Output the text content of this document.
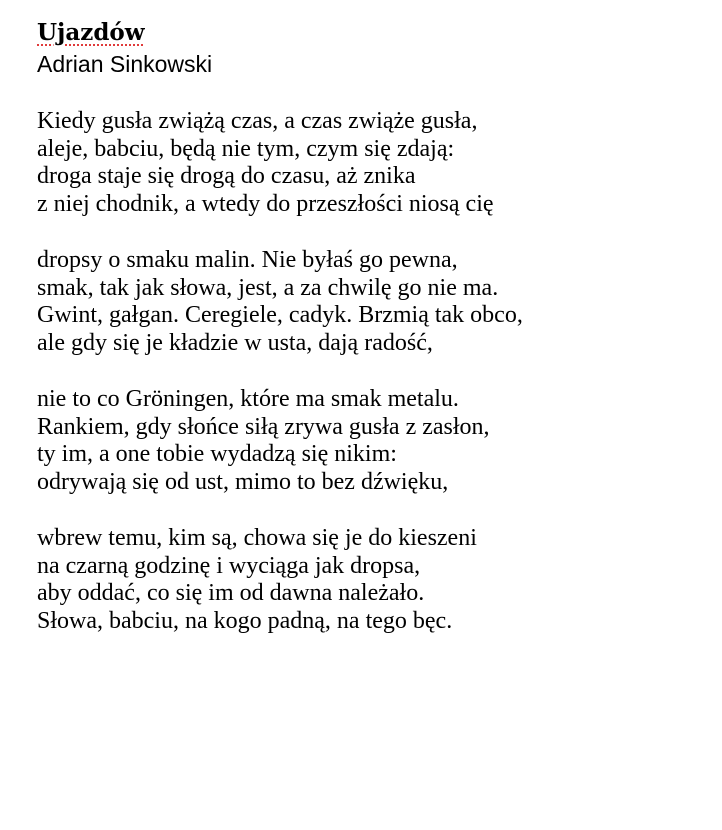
Ujazdów
Adrian Sinkowski
Kiedy gusła zwiążą czas, a czas zwiąże gusła,
aleje, babciu, będą nie tym, czym się zdają:
droga staje się drogą do czasu, aż znika
z niej chodnik, a wtedy do przeszłości niosą cię
dropsy o smaku malin. Nie byłaś go pewna,
smak, tak jak słowa, jest, a za chwilę go nie ma.
Gwint, gałgan. Ceregiele, cadyk. Brzmią tak obco,
ale gdy się je kładzie w usta, dają radość,
nie to co Gröningen, które ma smak metalu.
Rankiem, gdy słońce siłą zrywa gusła z zasłon,
ty im, a one tobie wydadzą się nikim:
odrywają się od ust, mimo to bez dźwięku,
wbrew temu, kim są, chowa się je do kieszeni
na czarną godzinę i wyciąga jak dropsa,
aby oddać, co się im od dawna należało.
Słowa, babciu, na kogo padną, na tego bęc.
